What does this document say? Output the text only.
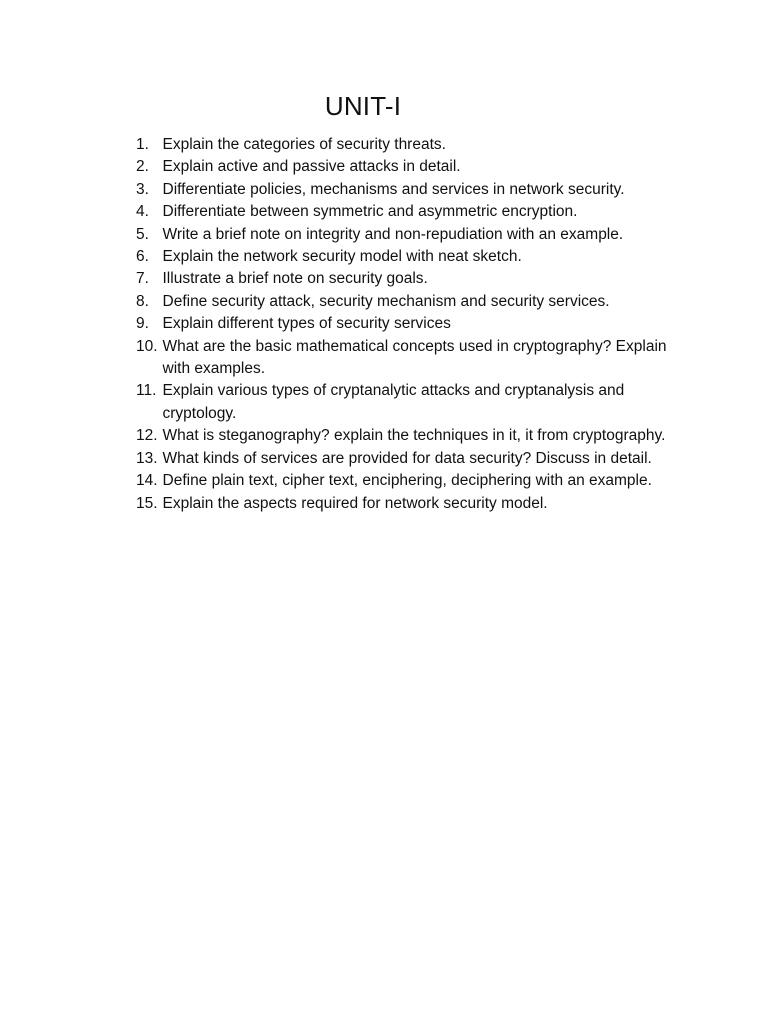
UNIT-I
1. Explain the categories of security threats.
2. Explain active and passive attacks in detail.
3. Differentiate policies, mechanisms and services in network security.
4. Differentiate between symmetric and asymmetric encryption.
5. Write a brief note on integrity and non-repudiation with an example.
6. Explain the network security model with neat sketch.
7. Illustrate a brief note on security goals.
8. Define security attack, security mechanism and security services.
9. Explain different types of security services
10. What are the basic mathematical concepts used in cryptography? Explain with examples.
11. Explain various types of cryptanalytic attacks and cryptanalysis and cryptology.
12. What is steganography? explain the techniques in it, it from cryptography.
13. What kinds of services are provided for data security? Discuss in detail.
14. Define plain text, cipher text, enciphering, deciphering with an example.
15. Explain the aspects required for network security model.
